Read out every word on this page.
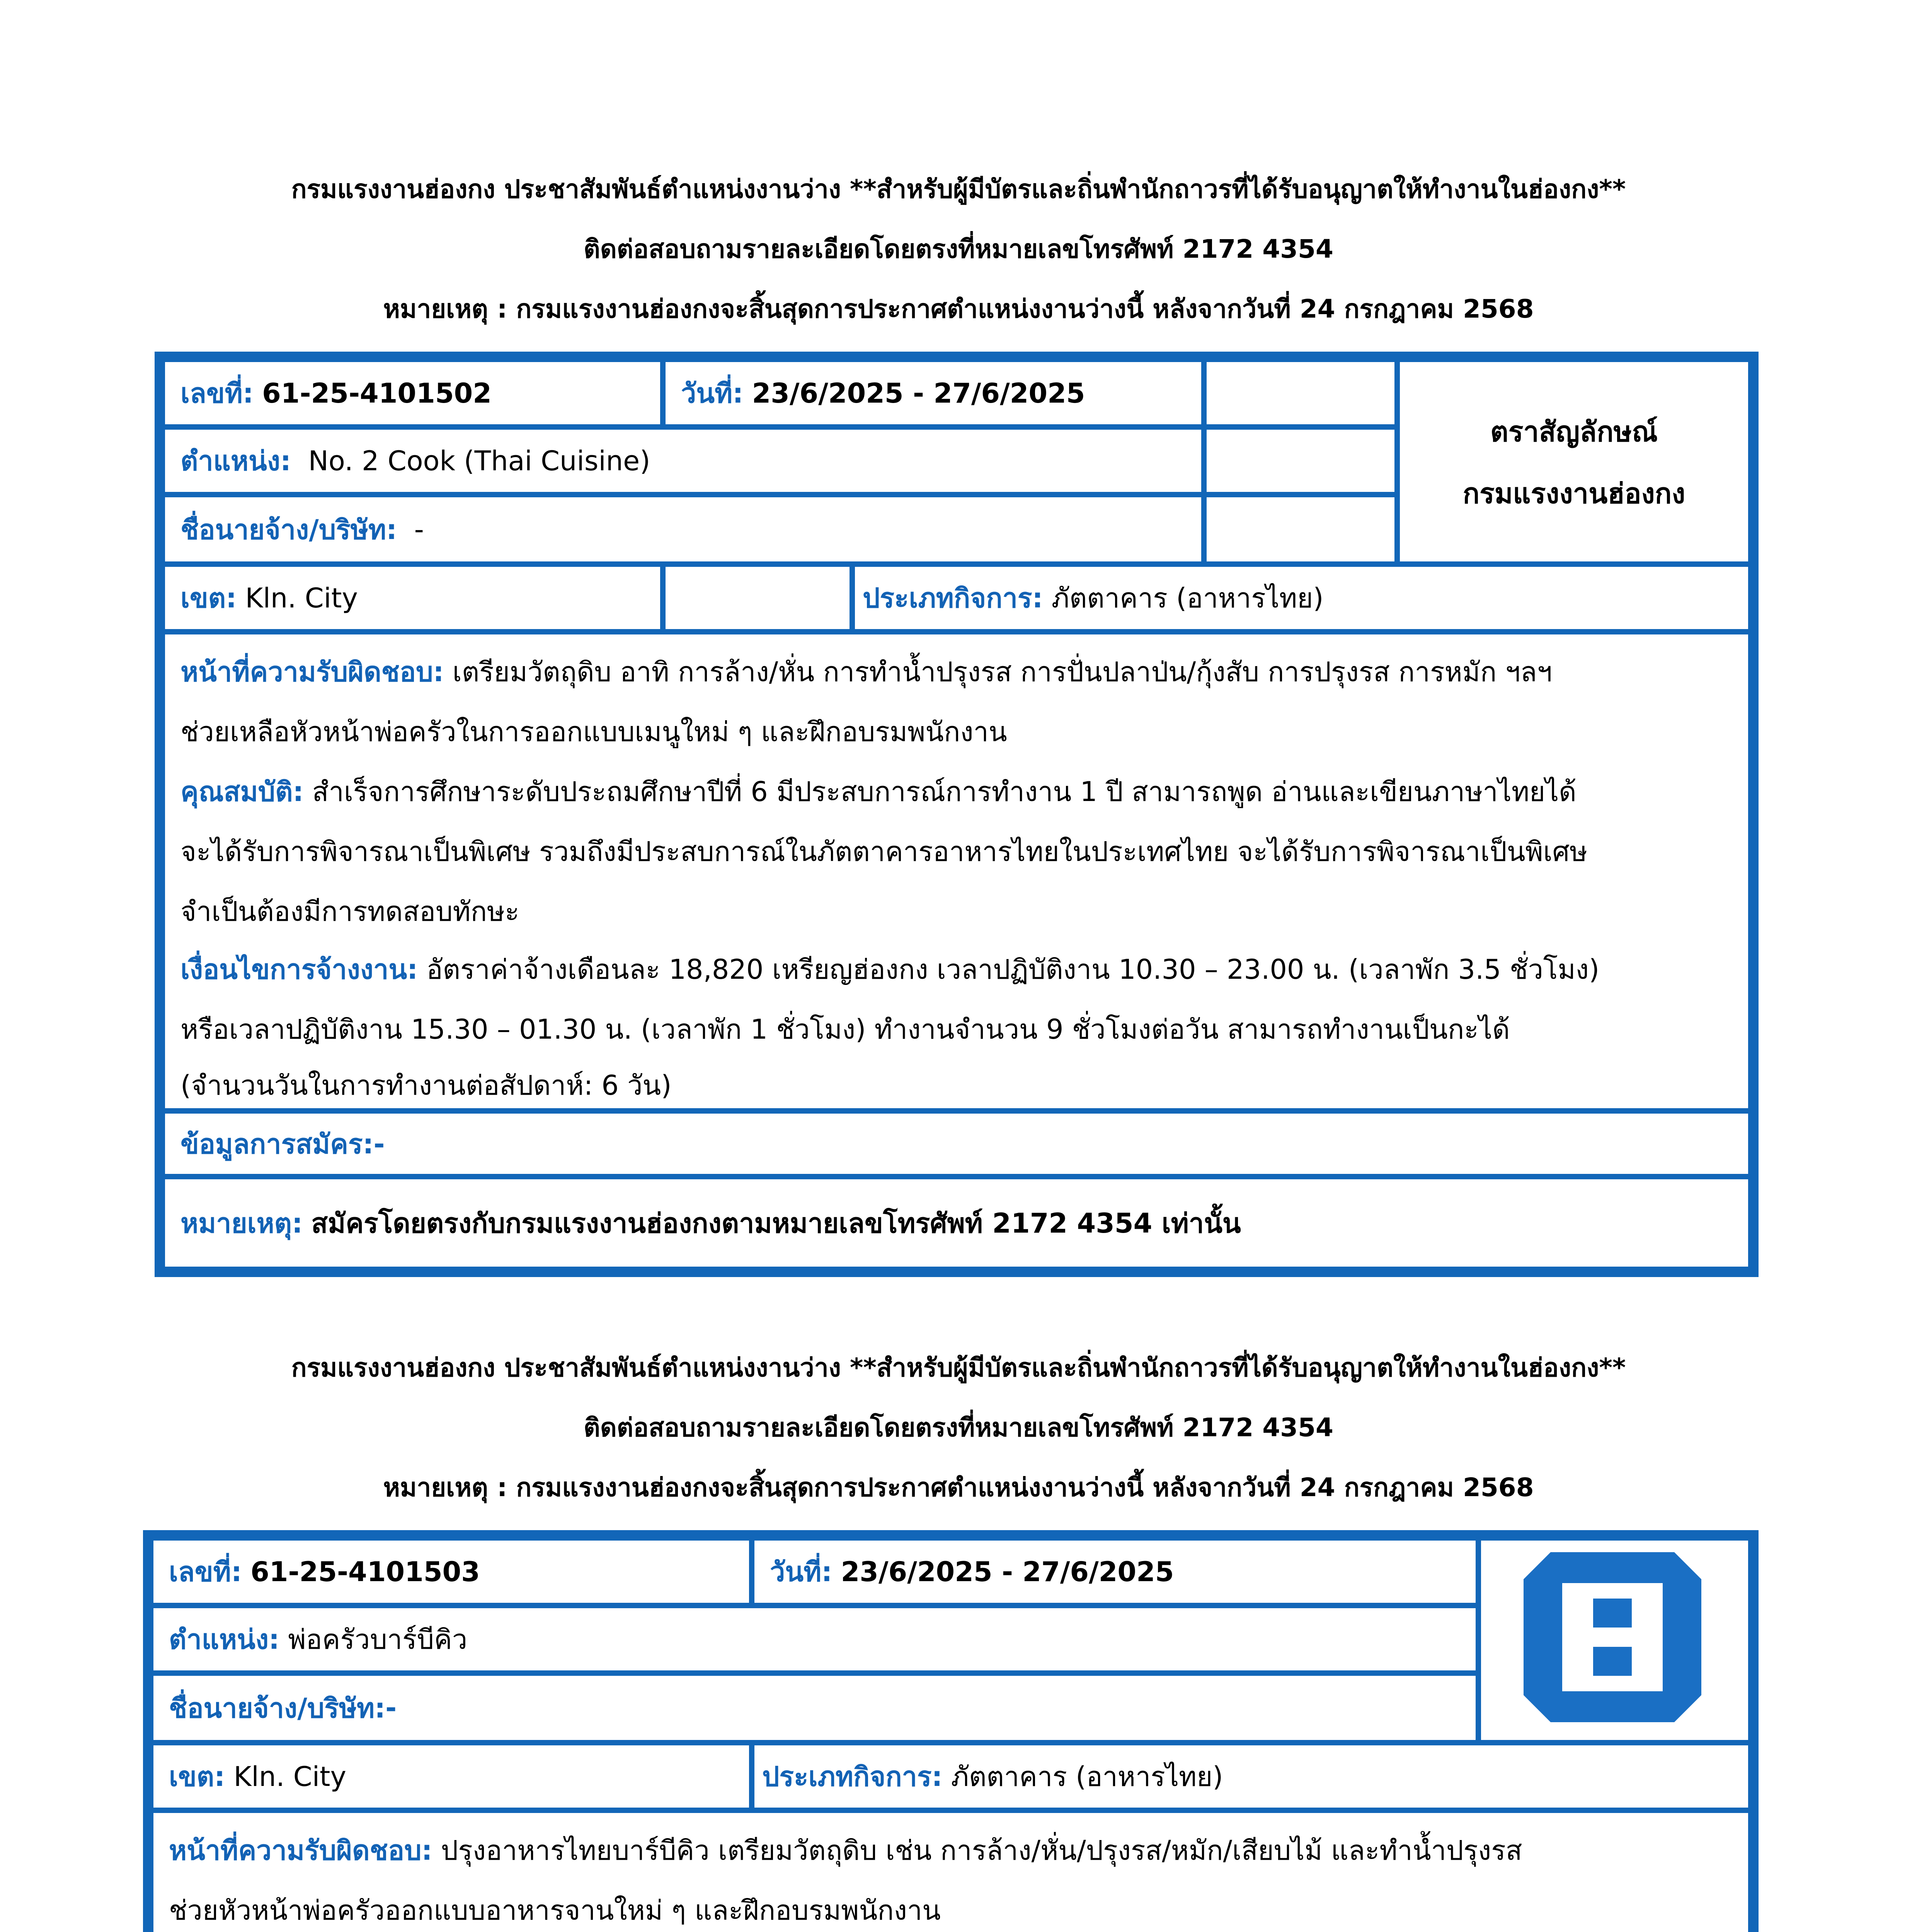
กรมแรงงานฮ่องกง ประชาสัมพันธ์ตำแหน่งงานว่าง **สำหรับผู้มีบัตรและถิ่นพำนักถาวรที่ได้รับอนุญาตให้ทำงานในฮ่องกง**
ติดต่อสอบถามรายละเอียดโดยตรงที่หมายเลขโทรศัพท์ 2172 4354
หมายเหตุ : กรมแรงงานฮ่องกงจะสิ้นสุดการประกาศตำแหน่งงานว่างนี้ หลังจากวันที่ 24 กรกฎาคม 2568
เลขที่:
61-25-4101502	วันที่:
23/6/2025 - 27/6/2025
ตราสัญลักษณ์
กรมแรงงานฮ่องกง
ตำแหน่ง:
No. 2 Cook (Thai Cuisine)
ชื่อนายจ้าง/บริษัท:
-
เขต:
Kln. City	ประเภทกิจการ:
ภัตตาคาร (อาหารไทย)
หน้าที่ความรับผิดชอบ: เตรียมวัตถุดิบ อาทิ การล้าง/หั่น การทำน้ำปรุงรส การปั่นปลาป่น/กุ้งสับ การปรุงรส การหมัก ฯลฯ
ช่วยเหลือหัวหน้าพ่อครัวในการออกแบบเมนูใหม่ ๆ และฝึกอบรมพนักงาน
คุณสมบัติ: สำเร็จการศึกษาระดับประถมศึกษาปีที่ 6 มีประสบการณ์การทำงาน 1 ปี สามารถพูด อ่านและเขียนภาษาไทยได้
จะได้รับการพิจารณาเป็นพิเศษ รวมถึงมีประสบการณ์ในภัตตาคารอาหารไทยในประเทศไทย จะได้รับการพิจารณาเป็นพิเศษ
จำเป็นต้องมีการทดสอบทักษะ
เงื่อนไขการจ้างงาน: อัตราค่าจ้างเดือนละ 18,820 เหรียญฮ่องกง เวลาปฏิบัติงาน 10.30 – 23.00 น. (เวลาพัก 3.5 ชั่วโมง)
หรือเวลาปฏิบัติงาน 15.30 – 01.30 น. (เวลาพัก 1 ชั่วโมง) ทำงานจำนวน 9 ชั่วโมงต่อวัน สามารถทำงานเป็นกะได้
(จำนวนวันในการทำงานต่อสัปดาห์: 6 วัน)
ข้อมูลการสมัคร:-
หมายเหตุ:
สมัครโดยตรงกับกรมแรงงานฮ่องกงตามหมายเลขโทรศัพท์ 2172 4354 เท่านั้น
กรมแรงงานฮ่องกง ประชาสัมพันธ์ตำแหน่งงานว่าง **สำหรับผู้มีบัตรและถิ่นพำนักถาวรที่ได้รับอนุญาตให้ทำงานในฮ่องกง**
ติดต่อสอบถามรายละเอียดโดยตรงที่หมายเลขโทรศัพท์ 2172 4354
หมายเหตุ : กรมแรงงานฮ่องกงจะสิ้นสุดการประกาศตำแหน่งงานว่างนี้ หลังจากวันที่ 24 กรกฎาคม 2568
เลขที่:
61-25-4101503	วันที่:
23/6/2025 - 27/6/2025
ตำแหน่ง:
พ่อครัวบาร์บีคิว
ชื่อนายจ้าง/บริษัท: -
เขต:
Kln. City	ประเภทกิจการ:
ภัตตาคาร (อาหารไทย)
หน้าที่ความรับผิดชอบ: ปรุงอาหารไทยบาร์บีคิว เตรียมวัตถุดิบ เช่น การล้าง/หั่น/ปรุงรส/หมัก/เสียบไม้ และทำน้ำปรุงรส
ช่วยหัวหน้าพ่อครัวออกแบบอาหารจานใหม่ ๆ และฝึกอบรมพนักงาน
